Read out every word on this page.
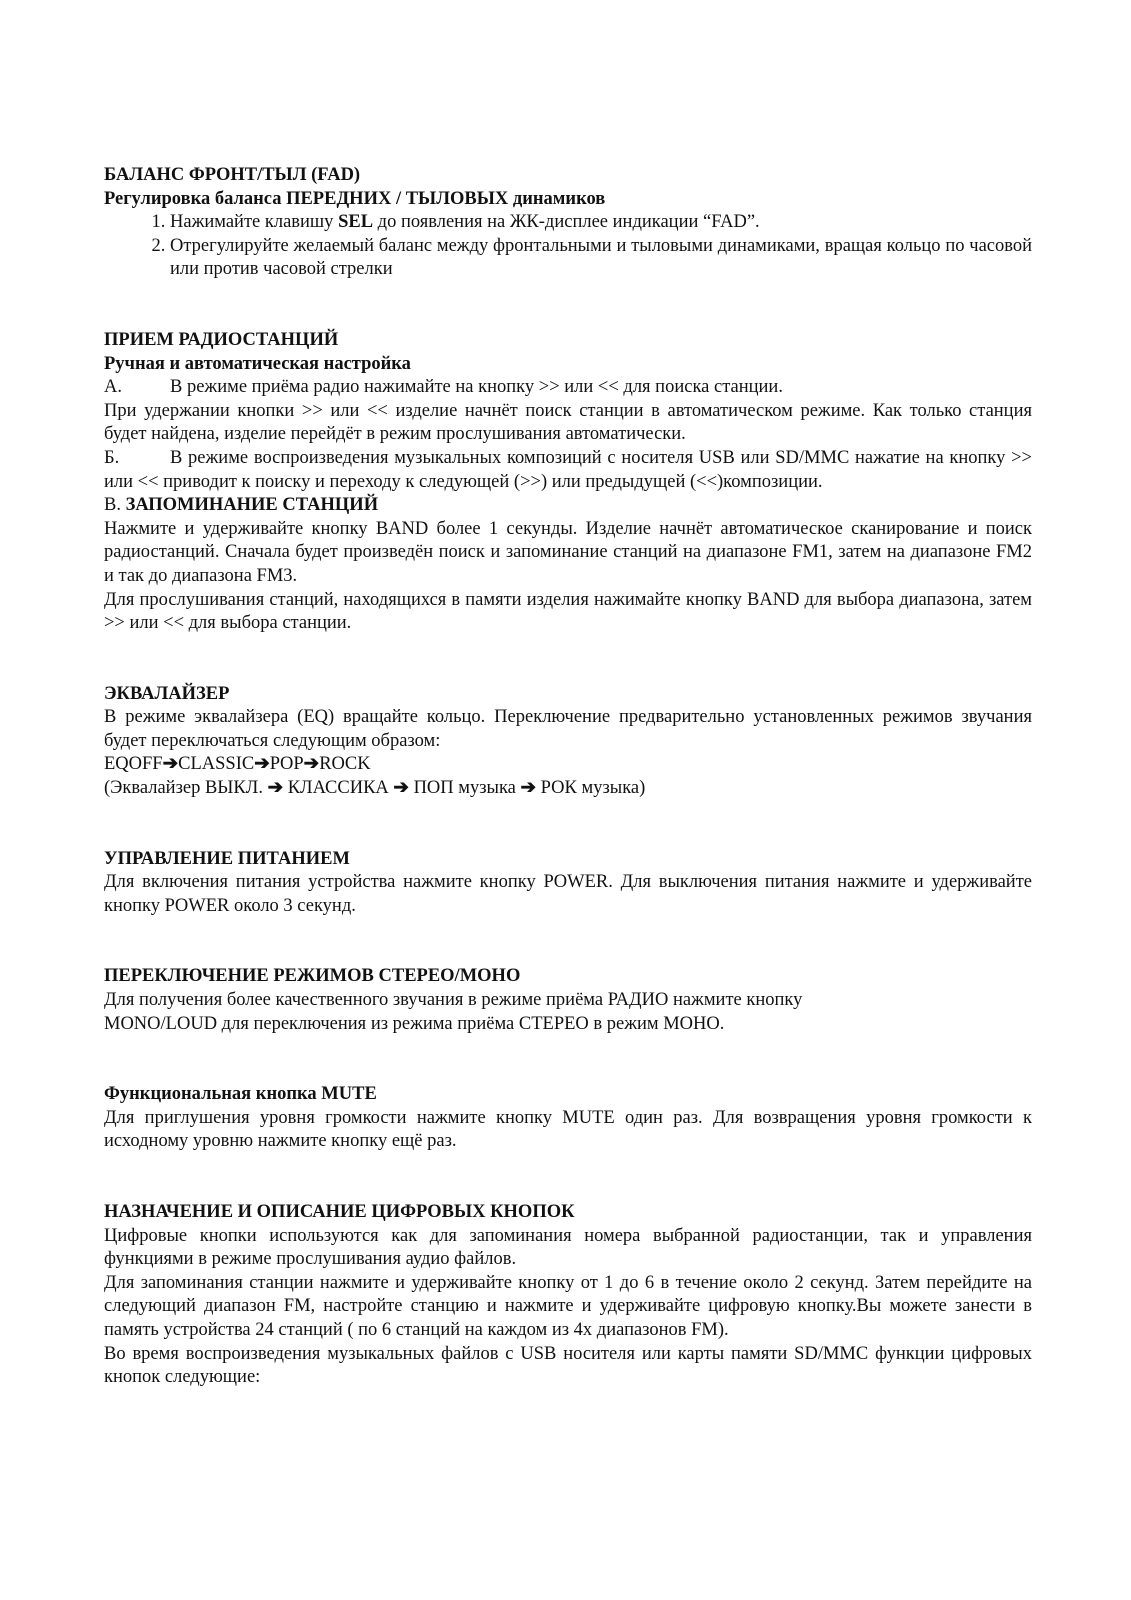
БАЛАНС ФРОНТ/ТЫЛ (FAD)
Регулировка баланса ПЕРЕДНИХ / ТЫЛОВЫХ динамиков
1. Нажимайте клавишу SEL до появления на ЖК-дисплее индикации “FAD”.
2. Отрегулируйте желаемый баланс между фронтальными и тыловыми динамиками, вращая кольцо по часовой или против часовой стрелки
ПРИЕМ РАДИОСТАНЦИЙ
Ручная и автоматическая настройка
А.	В режиме приёма радио нажимайте на кнопку >> или << для поиска станции.
При удержании кнопки >> или << изделие начнёт поиск станции в автоматическом режиме. Как только станция будет найдена, изделие перейдёт в режим прослушивания автоматически.
Б.	В режиме воспроизведения музыкальных композиций с носителя USB или SD/MMC нажатие на кнопку >> или << приводит к поиску и переходу к следующей (>>) или предыдущей (<<)композиции.
В. ЗАПОМИНАНИЕ СТАНЦИЙ
Нажмите и удерживайте кнопку BAND более 1 секунды. Изделие начнёт автоматическое сканирование и поиск радиостанций. Сначала будет произведён поиск и запоминание станций на диапазоне FM1, затем на диапазоне FM2 и так до диапазона FM3.
Для прослушивания станций, находящихся в памяти изделия нажимайте кнопку BAND для выбора диапазона, затем >> или << для выбора станции.
ЭКВАЛАЙЗЕР
В режиме эквалайзера (EQ) вращайте кольцо. Переключение предварительно установленных режимов звучания будет переключаться следующим образом:
EQOFF➔CLASSIC➔POP➔ROCK
(Эквалайзер ВЫКЛ. ➔ КЛАССИКА ➔ ПОП музыка ➔ РОК музыка)
УПРАВЛЕНИЕ ПИТАНИЕМ
Для включения питания устройства нажмите кнопку POWER. Для выключения питания нажмите и удерживайте кнопку POWER около 3 секунд.
ПЕРЕКЛЮЧЕНИЕ РЕЖИМОВ СТЕРЕО/МОНО
Для получения более качественного звучания в режиме приёма РАДИО нажмите кнопку
MONO/LOUD для переключения из режима приёма СТЕРЕО в режим МОНО.
Функциональная кнопка MUTE
Для приглушения уровня громкости нажмите кнопку MUTE один раз. Для возвращения уровня громкости к исходному уровню нажмите кнопку ещё раз.
НАЗНАЧЕНИЕ И ОПИСАНИЕ ЦИФРОВЫХ КНОПОК
Цифровые кнопки используются как для запоминания номера выбранной радиостанции, так и управления функциями в режиме прослушивания аудио файлов.
Для запоминания станции нажмите и удерживайте кнопку от 1 до 6 в течение около 2 секунд. Затем перейдите на следующий диапазон FM, настройте станцию и нажмите и удерживайте цифровую кнопку.Вы можете занести в память устройства 24 станций ( по 6 станций на каждом из 4х диапазонов FM).
Во время воспроизведения музыкальных файлов с USB носителя или карты памяти SD/MMC функции цифровых кнопок следующие:
